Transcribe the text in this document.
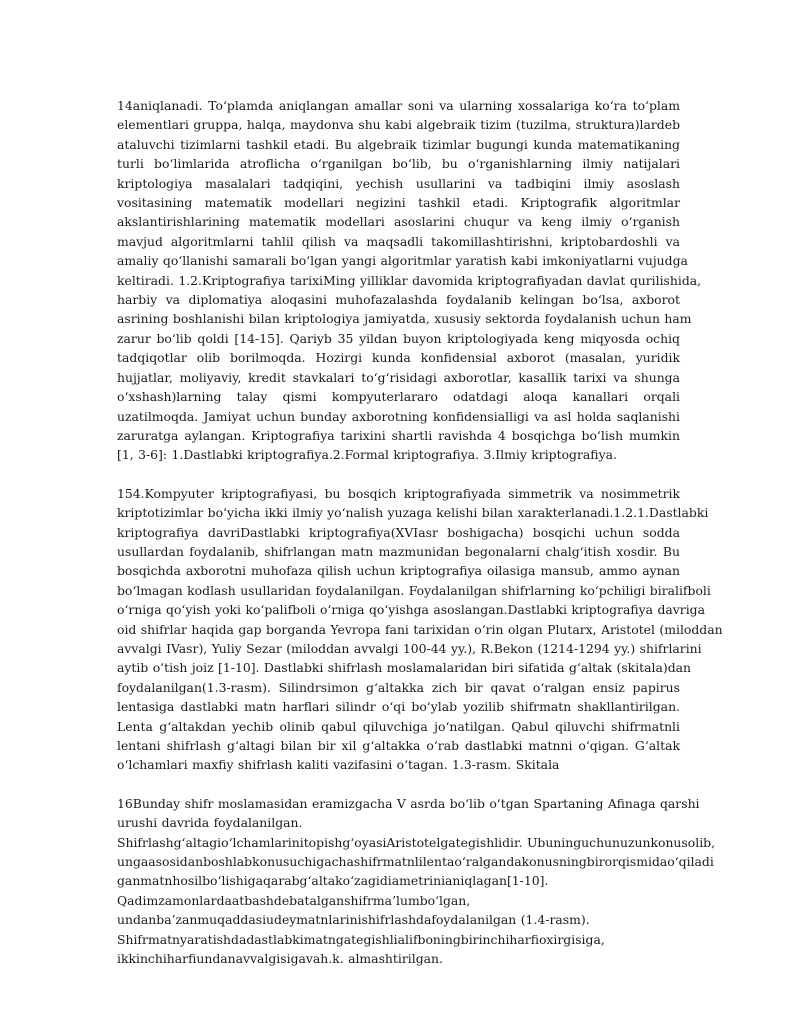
14aniqlanadi. To‘plamda aniqlangan amallar soni va ularning xossalariga ko‘ra to‘plam
elementlari gruppa, halqa, maydonva shu kabi algebraik tizim (tuzilma, struktura)lardeb
ataluvchi tizimlarni tashkil etadi. Bu algebraik tizimlar bugungi kunda matematikaning
turli bo‘limlarida atroflicha o‘rganilgan bo‘lib, bu o‘rganishlarning ilmiy natijalari
kriptologiya masalalari tadqiqini, yechish usullarini va tadbiqini ilmiy asoslash
vositasining matematik modellari negizini tashkil etadi. Kriptografik algoritmlar
akslantirishlarining matematik modellari asoslarini chuqur va keng ilmiy o‘rganish
mavjud algoritmlarni tahlil qilish va maqsadli takomillashtirishni, kriptobardoshli va
amaliy qo‘llanishi samarali bo‘lgan yangi algoritmlar yaratish kabi imkoniyatlarni vujudga
keltiradi. 1.2.Kriptografiya tarixiMing yilliklar davomida kriptografiyadan davlat qurilishida,
harbiy va diplomatiya aloqasini muhofazalashda foydalanib kelingan bo‘lsa, axborot
asrining boshlanishi bilan kriptologiya jamiyatda, xususiy sektorda foydalanish uchun ham
zarur bo‘lib qoldi [14-15]. Qariyb 35 yildan buyon kriptologiyada keng miqyosda ochiq
tadqiqotlar olib borilmoqda. Hozirgi kunda konfidensial axborot (masalan, yuridik
hujjatlar, moliyaviy, kredit stavkalari to‘g‘risidagi axborotlar, kasallik tarixi va shunga
o‘xshash)larning talay qismi kompyuterlararo odatdagi aloqa kanallari orqali
uzatilmoqda. Jamiyat uchun bunday axborotning konfidensialligi va asl holda saqlanishi
zaruratga aylangan. Kriptografiya tarixini shartli ravishda 4 bosqichga bo‘lish mumkin
[1, 3-6]: 1.Dastlabki kriptografiya.2.Formal kriptografiya. 3.Ilmiy kriptografiya.
154.Kompyuter kriptografiyasi, bu bosqich kriptografiyada simmetrik va nosimmetrik
kriptotizimlar bo‘yicha ikki ilmiy yo‘nalish yuzaga kelishi bilan xarakterlanadi.1.2.1.Dastlabki
kriptografiya davriDastlabki kriptografiya(XVIasr boshigacha) bosqichi uchun sodda
usullardan foydalanib, shifrlangan matn mazmunidan begonalarni chalg‘itish xosdir. Bu
bosqichda axborotni muhofaza qilish uchun kriptografiya oilasiga mansub, ammo aynan
bo‘lmagan kodlash usullaridan foydalanilgan. Foydalanilgan shifrlarning ko‘pchiligi biralifboli
o‘rniga qo‘yish yoki ko‘palifboli o‘rniga qo‘yishga asoslangan.Dastlabki kriptografiya davriga
oid shifrlar haqida gap borganda Yevropa fani tarixidan o‘rin olgan Plutarx, Aristotel (miloddan
avvalgi IVasr), Yuliy Sezar (miloddan avvalgi 100-44 yy.), R.Bekon (1214-1294 yy.) shifrlarini
aytib o‘tish joiz [1-10]. Dastlabki shifrlash moslamalaridan biri sifatida g‘altak (skitala)dan
foydalanilgan(1.3-rasm). Silindrsimon g‘altakka zich bir qavat o‘ralgan ensiz papirus
lentasiga dastlabki matn harflari silindr o‘qi bo‘ylab yozilib shifrmatn shakllantirilgan.
Lenta g‘altakdan yechib olinib qabul qiluvchiga jo‘natilgan. Qabul qiluvchi shifrmatnli
lentani shifrlash g‘altagi bilan bir xil g‘altakka o‘rab dastlabki matnni o‘qigan. G‘altak
o‘lchamlari maxfiy shifrlash kaliti vazifasini o‘tagan. 1.3-rasm. Skitala
16Bunday shifr moslamasidan eramizgacha V asrda bo‘lib o‘tgan Spartaning Afinaga qarshi
urushi davrida foydalanilgan.
Shifrlashg‘altagio‘lchamlarinitopishg‘oyasiAristotelgategishlidir. Ubuninguchunuzunkonusolib,
ungaasosidanboshlabkonusuchigachashifrmatnlilentao‘ralgandakonusningbirorqismidao‘qiladi
ganmatnhosilbo‘lishigaqarabg‘altako‘zagidiametrinianiqlagan[1-10].
Qadimzamonlardaatbashdebatalganshifrma’lumbo‘lgan,
undanba’zanmuqaddasiudeymatnlarinishifrlashdafoydalanilgan (1.4-rasm).
Shifrmatnyaratishdadastlabkimatngategishlialifboningbirinchiharfioxirgisiga,
ikkinchiharfiundanavvalgisigavah.k. almashtirilgan.
